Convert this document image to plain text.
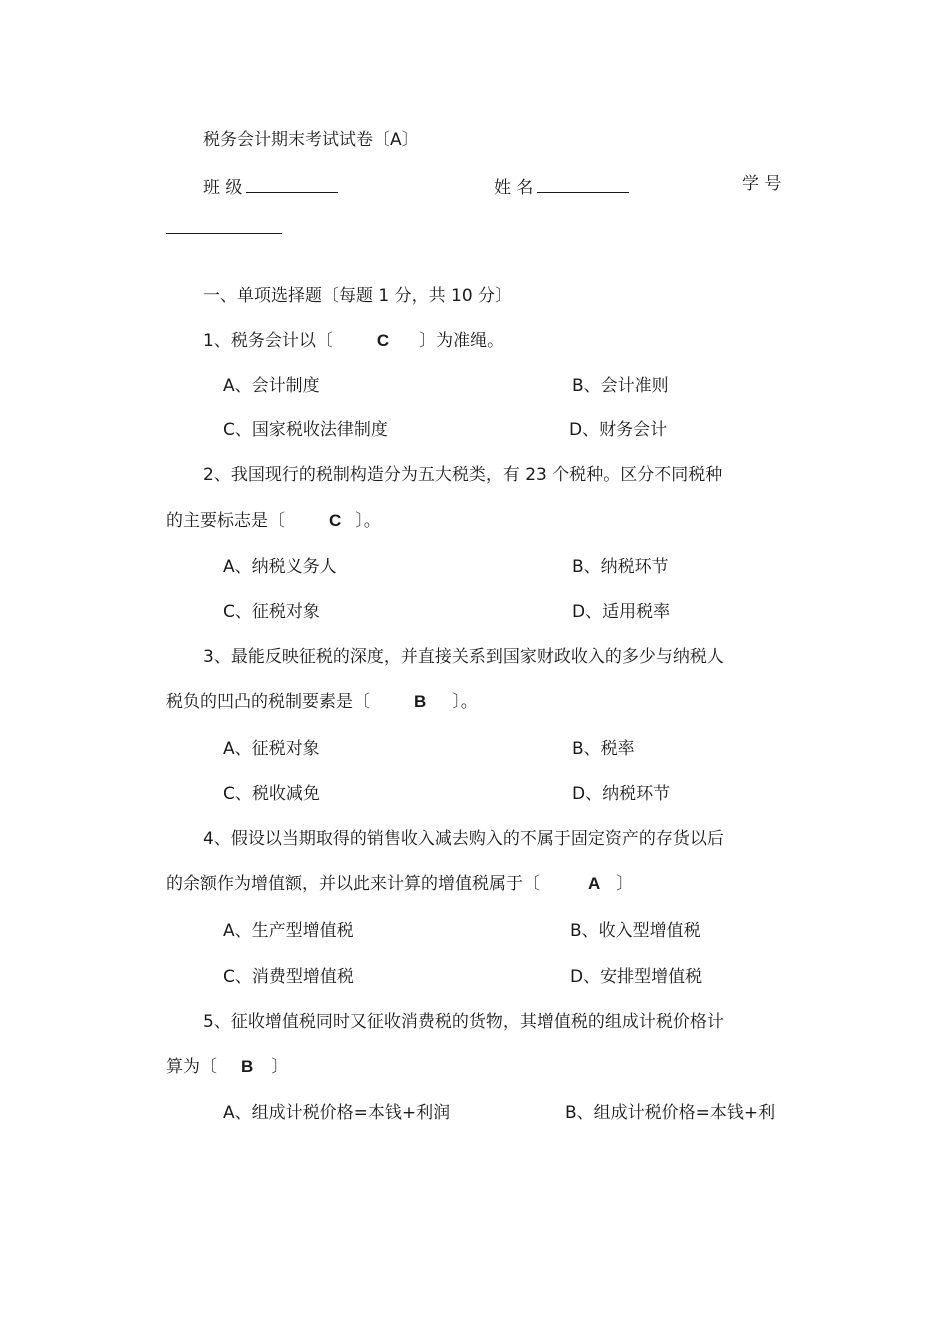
税务会计期末考试试卷〔A〕
班 级	姓 名	学 号
一、单项选择题〔每题 1 分，共 10 分〕
1、税务会计以〔	C 〕为准绳。
A、会计制度	B、会计准则
C、国家税收法律制度	D、财务会计
2、我国现行的税制构造分为五大税类，有 23 个税种。区分不同税种
的主要标志是〔	C 〕。
A、纳税义务人	B、纳税环节
C、征税对象	D、适用税率
3、最能反映征税的深度，并直接关系到国家财政收入的多少与纳税人
税负的凹凸的税制要素是〔	B 〕。
A、征税对象	B、税率
C、税收减免	D、纳税环节
4、假设以当期取得的销售收入减去购入的不属于固定资产的存货以后
的余额作为增值额，并以此来计算的增值税属于〔	A 〕
A、生产型增值税	B、收入型增值税
C、消费型增值税	D、安排型增值税
5、征收增值税同时又征收消费税的货物，其增值税的组成计税价格计
算为〔 B 〕
A、组成计税价格=本钱+利润	B、组成计税价格=本钱+利
